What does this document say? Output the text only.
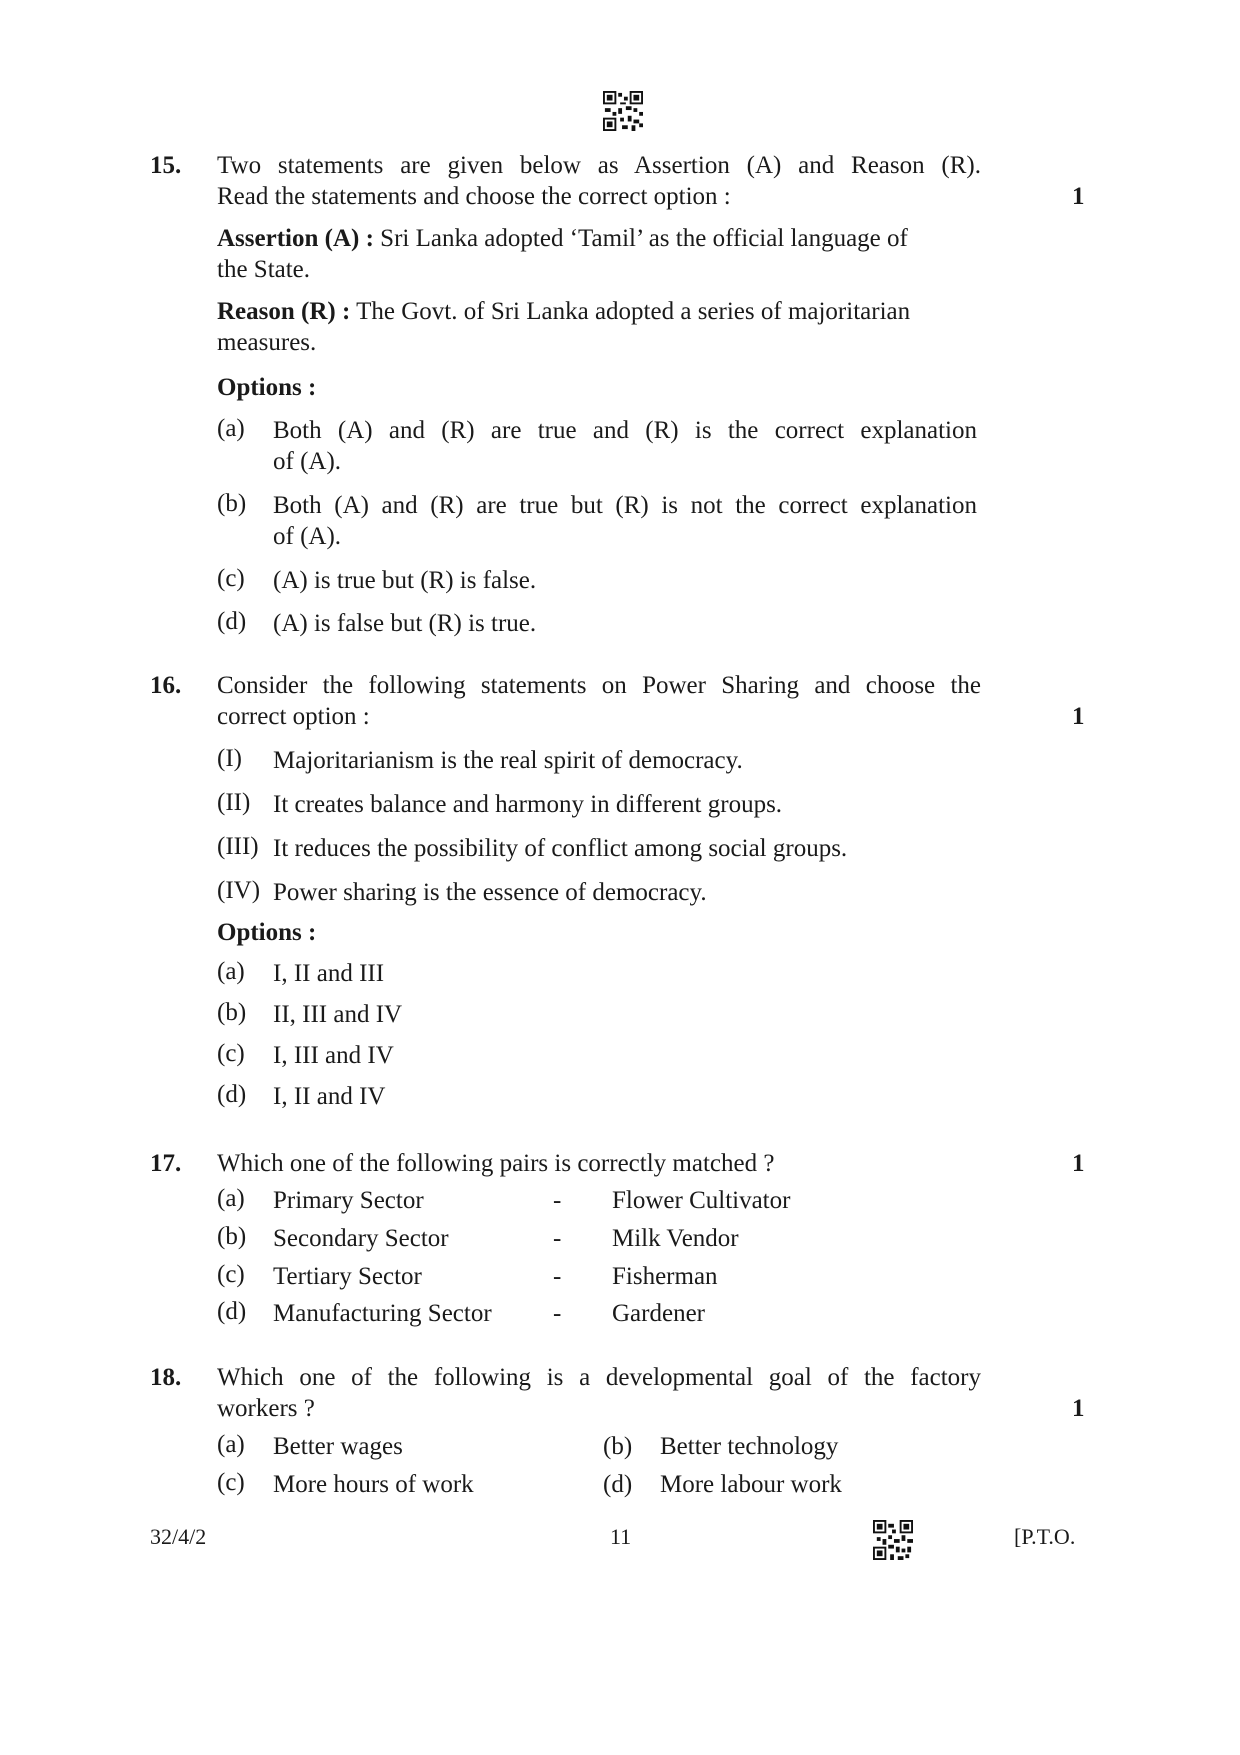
15. Two statements are given below as Assertion (A) and Reason (R).
Read the statements and choose the correct option :	1
Assertion (A) : Sri Lanka adopted ‘Tamil’ as the official language of
the State.
Reason (R) : The Govt. of Sri Lanka adopted a series of majoritarian
measures.
Options :
(a) Both (A) and (R) are true and (R) is the correct explanation
of (A).
(b) Both (A) and (R) are true but (R) is not the correct explanation
of (A).
(c) (A) is true but (R) is false.
(d) (A) is false but (R) is true.
16. Consider the following statements on Power Sharing and choose the
correct option :	1
(I) Majoritarianism is the real spirit of democracy.
(II) It creates balance and harmony in different groups.
(III) It reduces the possibility of conflict among social groups.
(IV) Power sharing is the essence of democracy.
Options :
(a) I, II and III
(b) II, III and IV
(c) I, III and IV
(d) I, II and IV
17. Which one of the following pairs is correctly matched ?	1
(a) Primary Sector	- Flower Cultivator
(b) Secondary Sector	- Milk Vendor
(c) Tertiary Sector	- Fisherman
(d) Manufacturing Sector - Gardener
18. Which one of the following is a developmental goal of the factory
workers ?	1
(a) Better wages	(b) Better technology
(c) More hours of work	(d) More labour work
32/4/2	11	[P.T.O.
